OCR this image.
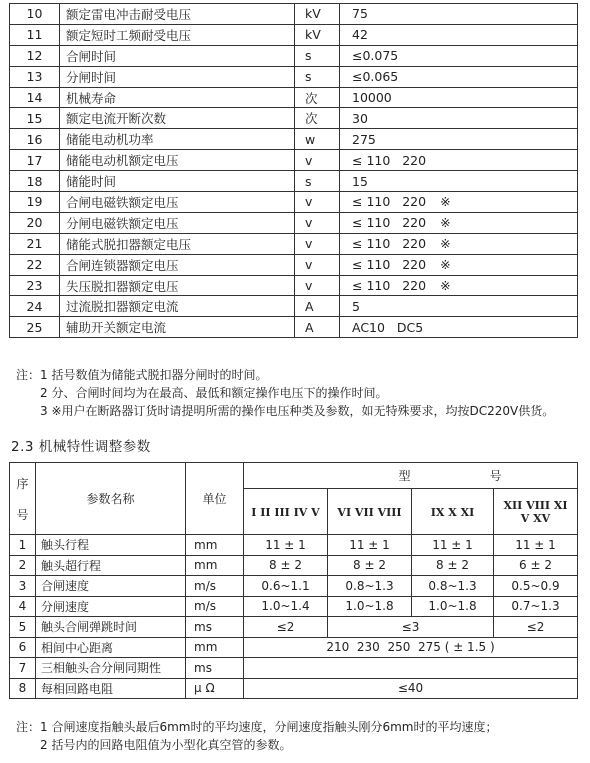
10	额定雷电冲击耐受电压	kV	75
11	额定短时工频耐受电压	kV	42
12	合闸时间	s	≤0.075
13	分闸时间	s	≤0.065
14	机械寿命	次	10000
15	额定电流开断次数	次	30
16	储能电动机功率	w	275
17	储能电动机额定电压	v	≤ 110   220
18	储能时间	s	15
19	合闸电磁铁额定电压	v	≤ 110   220 ※
20	分闸电磁铁额定电压	v	≤ 110   220 ※
21	储能式脱扣器额定电压	v	≤ 110   220 ※
22	合闸连锁器额定电压	v	≤ 110   220 ※
23	失压脱扣器额定电压	v	≤ 110   220 ※
24	过流脱扣器额定电流	A	5
25	辅助开关额定电流	A	AC10   DC5
注：1 括号数值为储能式脱扣器分闸时的时间。
2 分、合闸时间均为在最高、最低和额定操作电压下的操作时间。
3 ※用户在断路器订货时请提明所需的操作电压种类及参数，如无特殊要求，均按DC220V供货。
2.3 机械特性调整参数
序
号	参数名称	单位	型 号			
			I II III IV V	VI VII VIII	IX X XI	XII VIII XI
V XV

1	触头行程	mm	11 ± 1	11 ± 1	11 ± 1	11 ± 1
2	触头超行程	mm	8 ± 2	8 ± 2	8 ± 2	6 ± 2
3	合闸速度	m/s	0.6~1.1	0.8~1.3	0.8~1.3	0.5~0.9
4	分闸速度	m/s	1.0~1.4	1.0~1.8	1.0~1.8	0.7~1.3
5	触头合闸弹跳时间	ms	≤2	≤3		≤2
6	相间中心距离	mm	210  230  250  275 ( ± 1.5 )			
7	三相触头合分闸同期性	ms				
8	每相回路电阻	μ Ω	≤40			
注：1 合闸速度指触头最后6mm时的平均速度，分闸速度指触头刚分6mm时的平均速度；
2 括号内的回路电阻值为小型化真空管的参数。
